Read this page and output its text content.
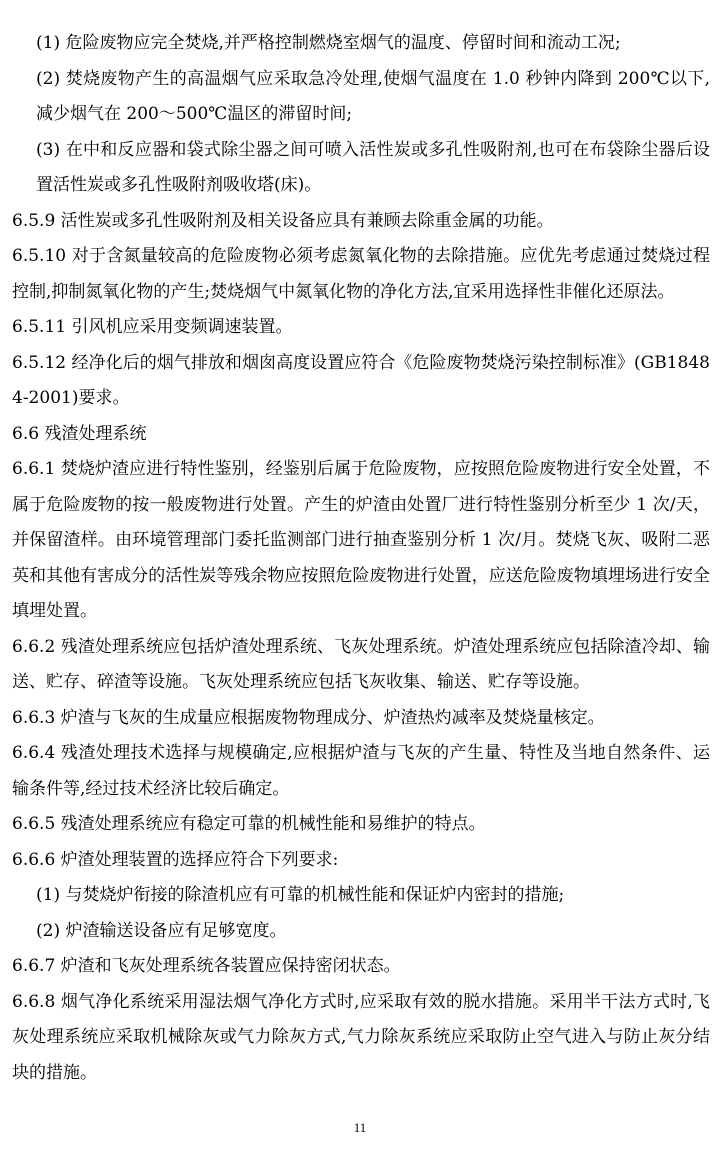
(1) 危险废物应完全焚烧,并严格控制燃烧室烟气的温度、停留时间和流动工况;

(2) 焚烧废物产生的高温烟气应采取急冷处理,使烟气温度在 1.0 秒钟内降到 200℃以下,减少烟气在 200～500℃温区的滞留时间;

(3) 在中和反应器和袋式除尘器之间可喷入活性炭或多孔性吸附剂,也可在布袋除尘器后设置活性炭或多孔性吸附剂吸收塔(床)。

6.5.9 活性炭或多孔性吸附剂及相关设备应具有兼顾去除重金属的功能。

6.5.10 对于含氮量较高的危险废物必须考虑氮氧化物的去除措施。应优先考虑通过焚烧过程控制,抑制氮氧化物的产生;焚烧烟气中氮氧化物的净化方法,宜采用选择性非催化还原法。

6.5.11 引风机应采用变频调速装置。

6.5.12 经净化后的烟气排放和烟囱高度设置应符合《危险废物焚烧污染控制标准》(GB18484-2001)要求。

6.6 残渣处理系统

6.6.1 焚烧炉渣应进行特性鉴别，经鉴别后属于危险废物，应按照危险废物进行安全处置，不属于危险废物的按一般废物进行处置。产生的炉渣由处置厂进行特性鉴别分析至少 1 次/天，并保留渣样。由环境管理部门委托监测部门进行抽查鉴别分析 1 次/月。焚烧飞灰、吸附二恶英和其他有害成分的活性炭等残余物应按照危险废物进行处置，应送危险废物填埋场进行安全填埋处置。

6.6.2 残渣处理系统应包括炉渣处理系统、飞灰处理系统。炉渣处理系统应包括除渣冷却、输送、贮存、碎渣等设施。飞灰处理系统应包括飞灰收集、输送、贮存等设施。

6.6.3 炉渣与飞灰的生成量应根据废物物理成分、炉渣热灼减率及焚烧量核定。

6.6.4 残渣处理技术选择与规模确定,应根据炉渣与飞灰的产生量、特性及当地自然条件、运输条件等,经过技术经济比较后确定。

6.6.5 残渣处理系统应有稳定可靠的机械性能和易维护的特点。

6.6.6 炉渣处理装置的选择应符合下列要求:

(1) 与焚烧炉衔接的除渣机应有可靠的机械性能和保证炉内密封的措施;

(2) 炉渣输送设备应有足够宽度。

6.6.7 炉渣和飞灰处理系统各装置应保持密闭状态。

6.6.8 烟气净化系统采用湿法烟气净化方式时,应采取有效的脱水措施。采用半干法方式时,飞灰处理系统应采取机械除灰或气力除灰方式,气力除灰系统应采取防止空气进入与防止灰分结块的措施。

11
